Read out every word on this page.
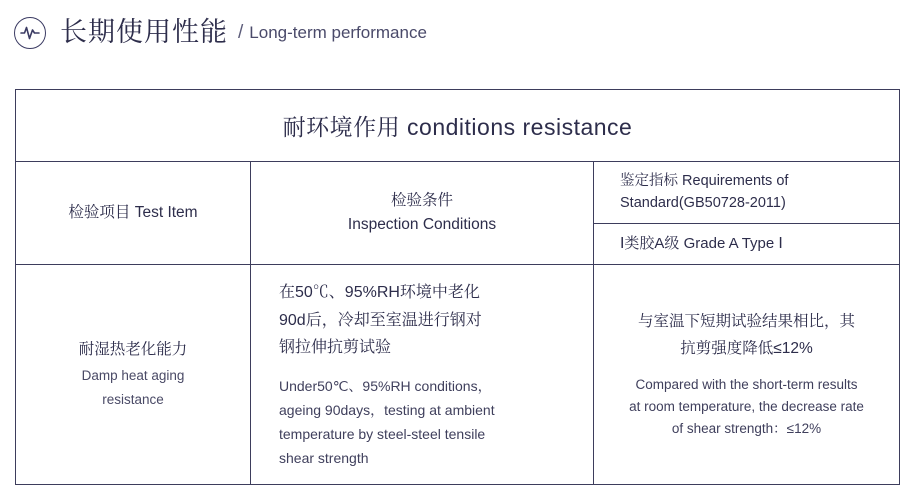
长期使用性能 / Long-term performance
耐环境作用 conditions resistance
检验项目 Test Item
检验条件
Inspection Conditions
鉴定指标 Requirements of
Standard(GB50728-2011)
Ⅰ类胶A级 Grade A Type Ⅰ
耐湿热老化能力
Damp heat aging
resistance
在50℃、95%RH环境中老化
90d后，冷却至室温进行钢对
钢拉伸抗剪试验
Under50℃、95%RH conditions，
ageing 90days，testing at ambient
temperature by steel-steel tensile
shear strength
与室温下短期试验结果相比，其
抗剪强度降低≤12%
Compared with the short-term results
at room temperature, the decrease rate
of shear strength：≤12%
